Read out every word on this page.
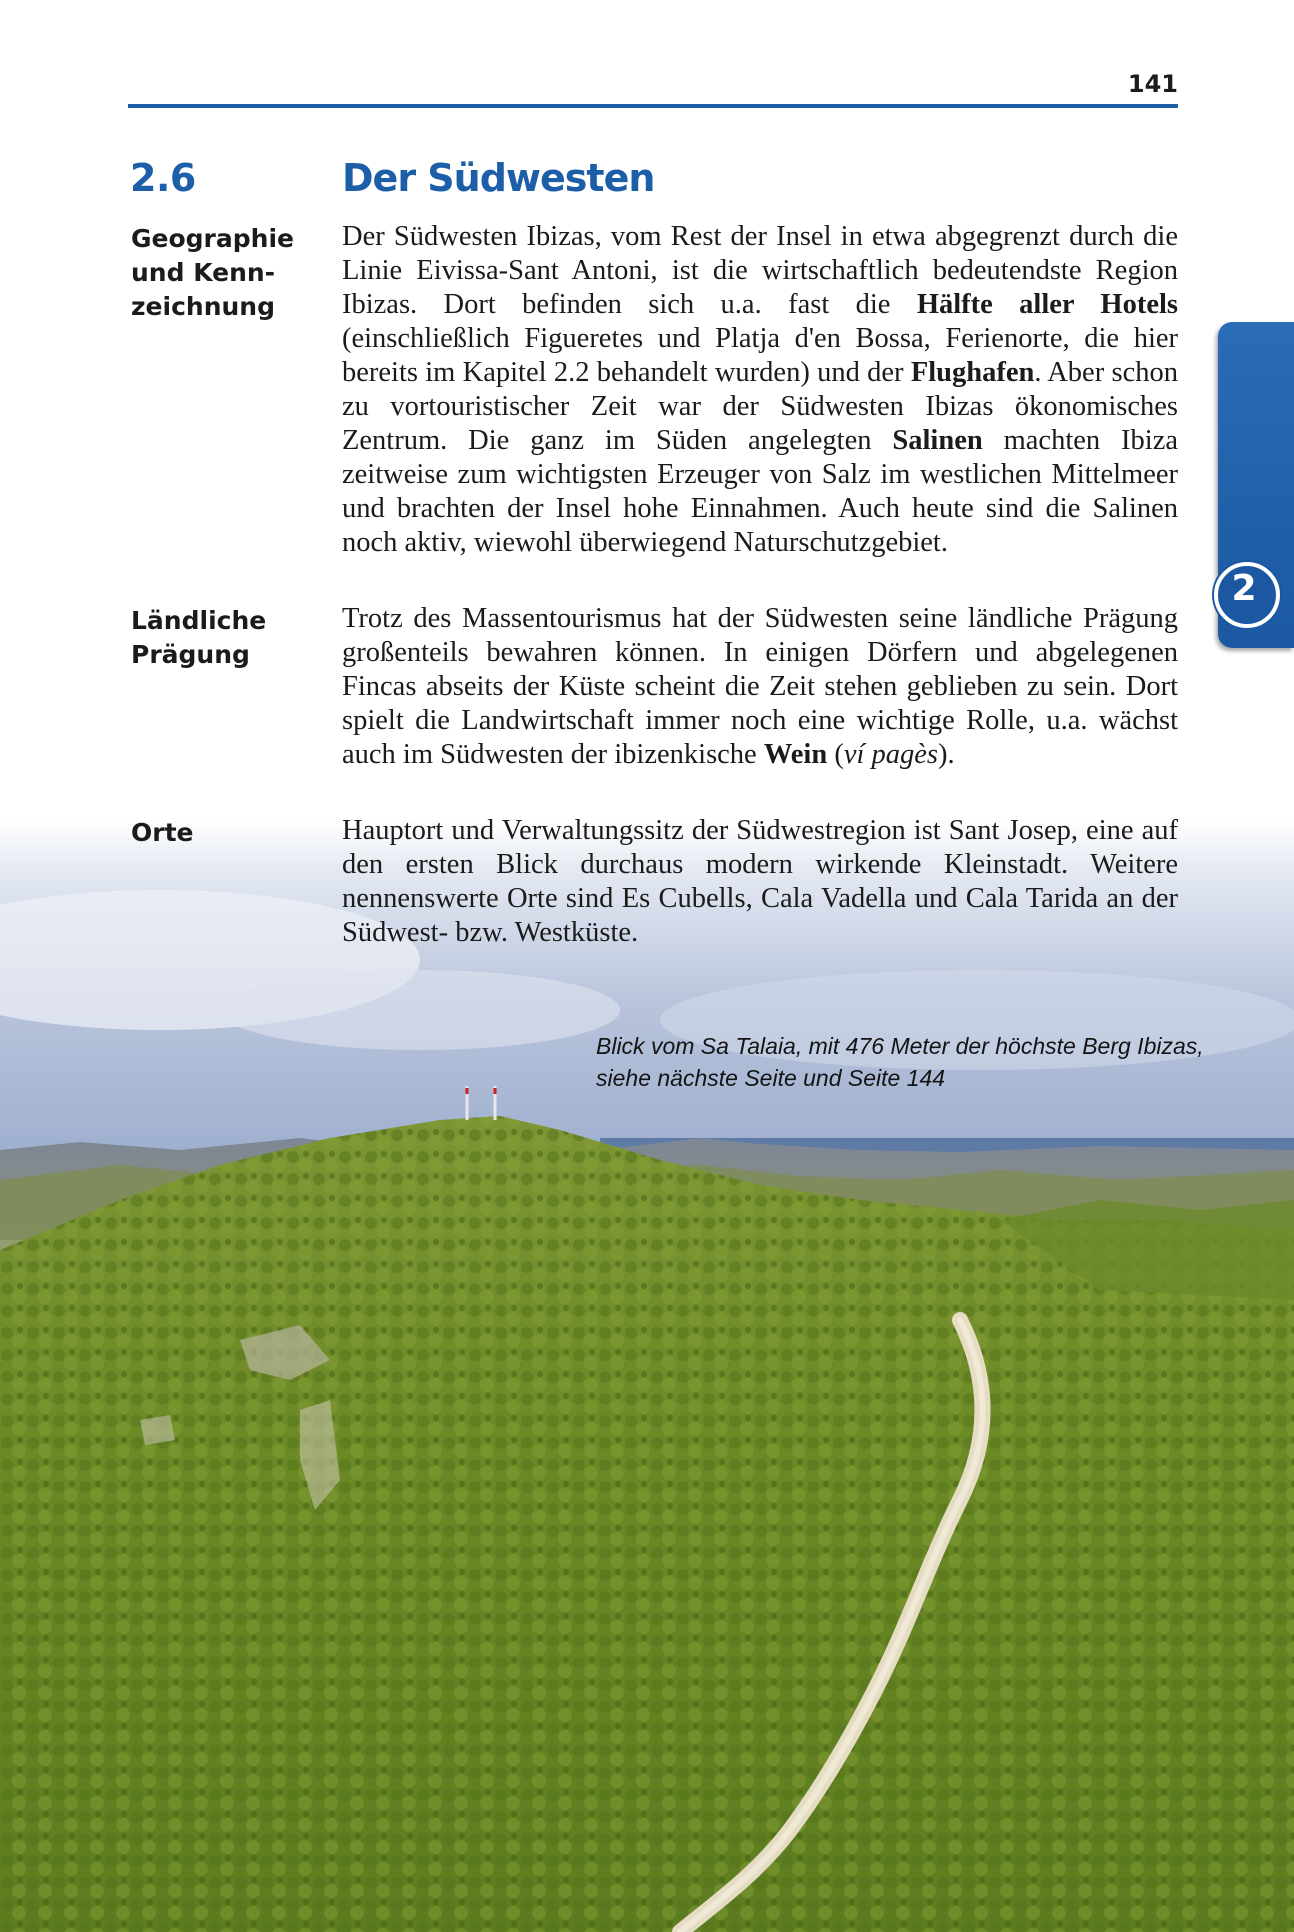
141
2
2.6	Der Südwesten
Geographie
und Kenn-
zeichnung
Ländliche
Prägung
Orte
Der Südwesten Ibizas, vom Rest der Insel in etwa abgegrenzt durch die Linie Eivissa-Sant Antoni, ist die wirtschaftlich bedeutendste Region Ibizas. Dort befinden sich u.a. fast die Hälfte aller Hotels (einschließlich Figueretes und Platja d'en Bossa, Ferienorte, die hier bereits im Kapitel 2.2 behandelt wurden) und der Flughafen. Aber schon zu vortouristischer Zeit war der Südwesten Ibizas ökonomisches Zentrum. Die ganz im Süden angelegten Salinen machten Ibiza zeitweise zum wichtigsten Erzeuger von Salz im westlichen Mittelmeer und brachten der Insel hohe Einnahmen. Auch heute sind die Salinen noch aktiv, wiewohl überwiegend Naturschutzgebiet.
Trotz des Massentourismus hat der Südwesten seine ländliche Prägung großenteils bewahren können. In einigen Dörfern und abgelegenen Fincas abseits der Küste scheint die Zeit stehen geblieben zu sein. Dort spielt die Landwirtschaft immer noch eine wichtige Rolle, u.a. wächst auch im Südwesten der ibizenkische Wein (ví pagès).
Hauptort und Verwaltungssitz der Südwestregion ist Sant Josep, eine auf den ersten Blick durchaus modern wirkende Kleinstadt. Weitere nennenswerte Orte sind Es Cubells, Cala Vadella und Cala Tarida an der Südwest- bzw. Westküste.
Blick vom Sa Talaia, mit 476 Meter der höchste Berg Ibizas,
siehe nächste Seite und Seite 144
